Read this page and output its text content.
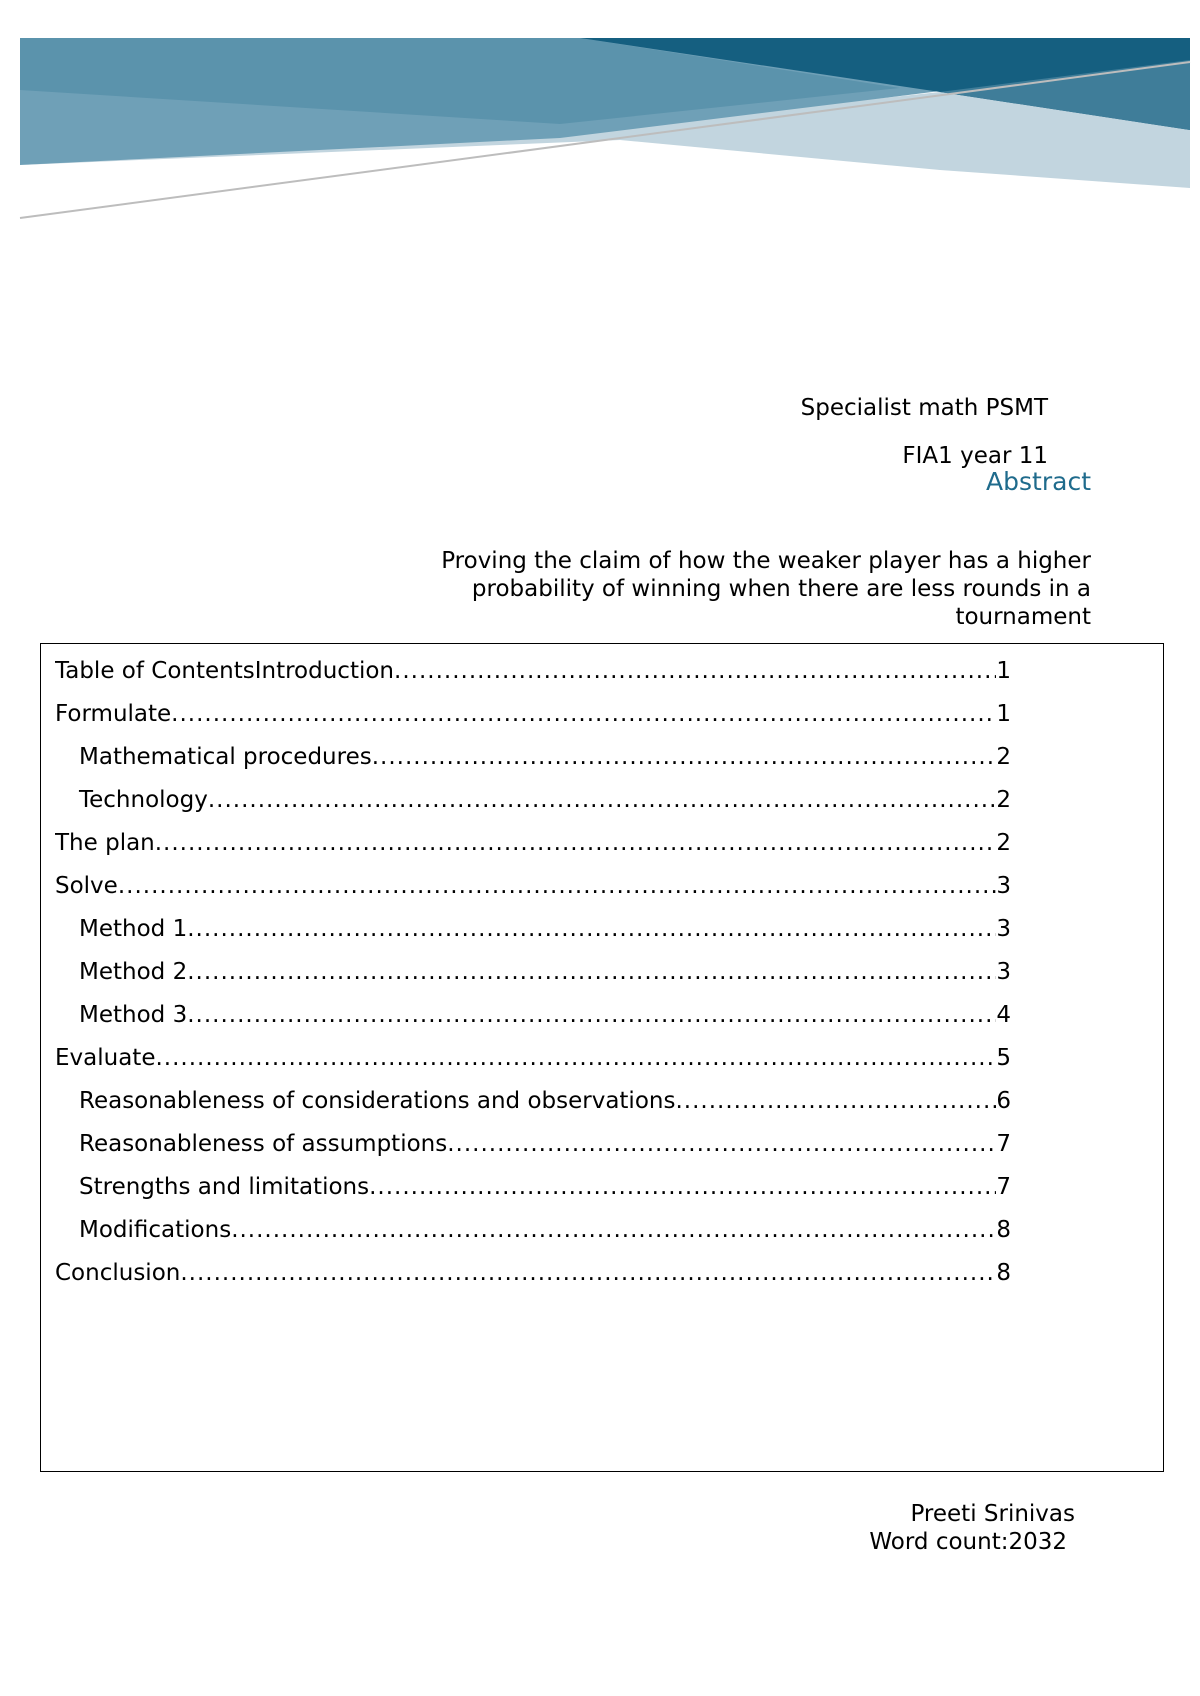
Specialist math PSMT
FIA1 year 11
Abstract
Proving the claim of how the weaker player has a higher probability of winning when there are less rounds in a tournament
Table of ContentsIntroduction .....	1
Formulate .....	1
Mathematical procedures .....	2
Technology .....	2
The plan .....	2
Solve .....	3
Method 1 .....	3
Method 2 .....	3
Method 3 .....	4
Evaluate .....	5
Reasonableness of considerations and observations .....	6
Reasonableness of assumptions .....	7
Strengths and limitations .....	7
Modifications .....	8
Conclusion .....	8
Preeti Srinivas
Word count:2032
